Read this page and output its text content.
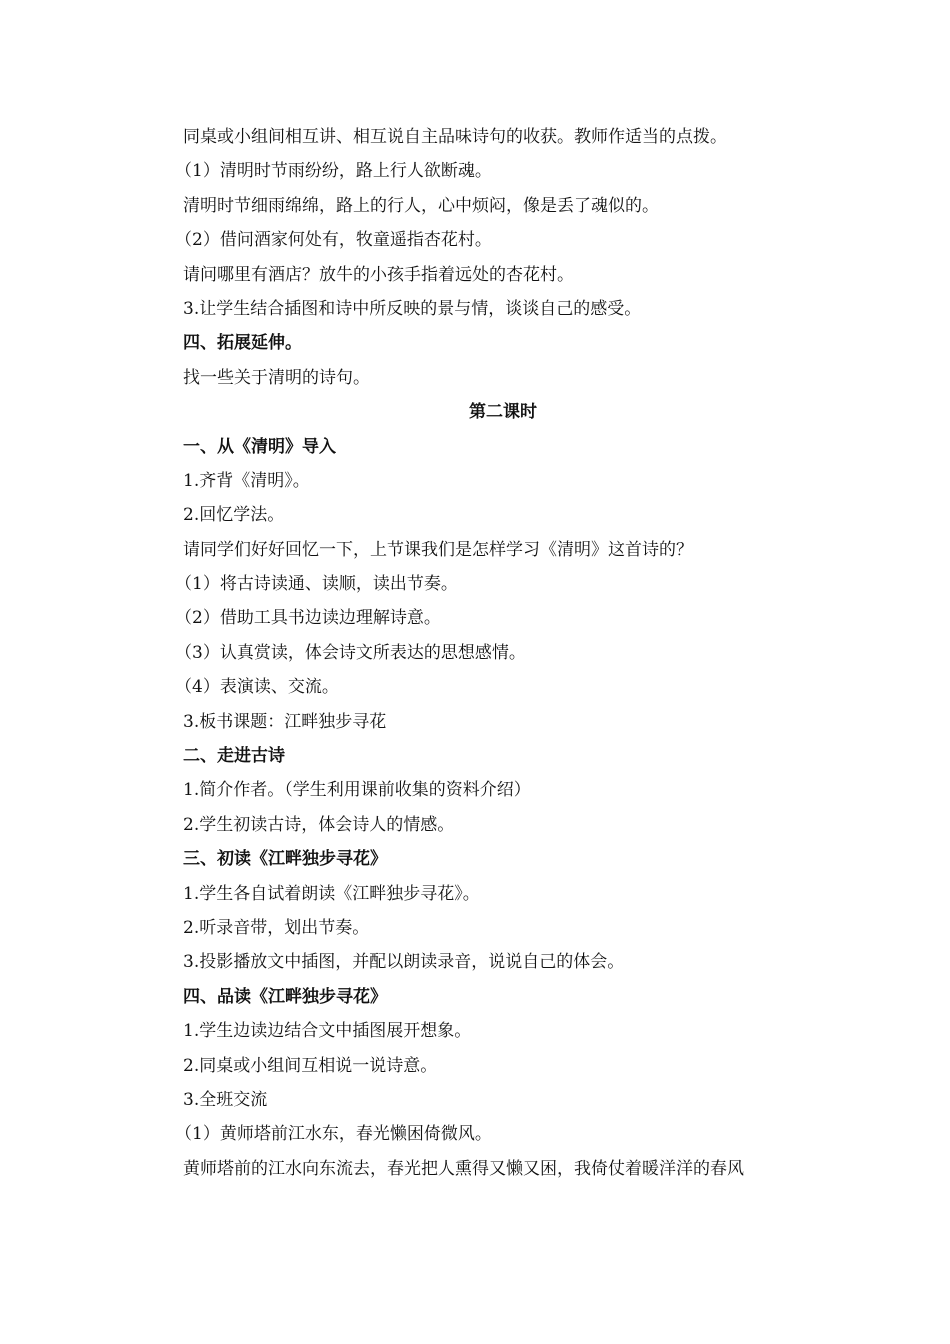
同桌或小组间相互讲、相互说自主品味诗句的收获。教师作适当的点拨。
（1）清明时节雨纷纷，路上行人欲断魂。
清明时节细雨绵绵，路上的行人，心中烦闷，像是丢了魂似的。
（2）借问酒家何处有，牧童遥指杏花村。
请问哪里有酒店？放牛的小孩手指着远处的杏花村。
3.让学生结合插图和诗中所反映的景与情，谈谈自己的感受。
四、拓展延伸。
找一些关于清明的诗句。
第二课时
一、从《清明》导入
1.齐背《清明》。
2.回忆学法。
请同学们好好回忆一下，上节课我们是怎样学习《清明》这首诗的？
（1）将古诗读通、读顺，读出节奏。
（2）借助工具书边读边理解诗意。
（3）认真赏读，体会诗文所表达的思想感情。
（4）表演读、交流。
3.板书课题：江畔独步寻花
二、走进古诗
1.简介作者。（学生利用课前收集的资料介绍）
2.学生初读古诗，体会诗人的情感。
三、初读《江畔独步寻花》
1.学生各自试着朗读《江畔独步寻花》。
2.听录音带，划出节奏。
3.投影播放文中插图，并配以朗读录音，说说自己的体会。
四、品读《江畔独步寻花》
1.学生边读边结合文中插图展开想象。
2.同桌或小组间互相说一说诗意。
3.全班交流
（1）黄师塔前江水东，春光懒困倚微风。
黄师塔前的江水向东流去，春光把人熏得又懒又困，我倚仗着暖洋洋的春风
